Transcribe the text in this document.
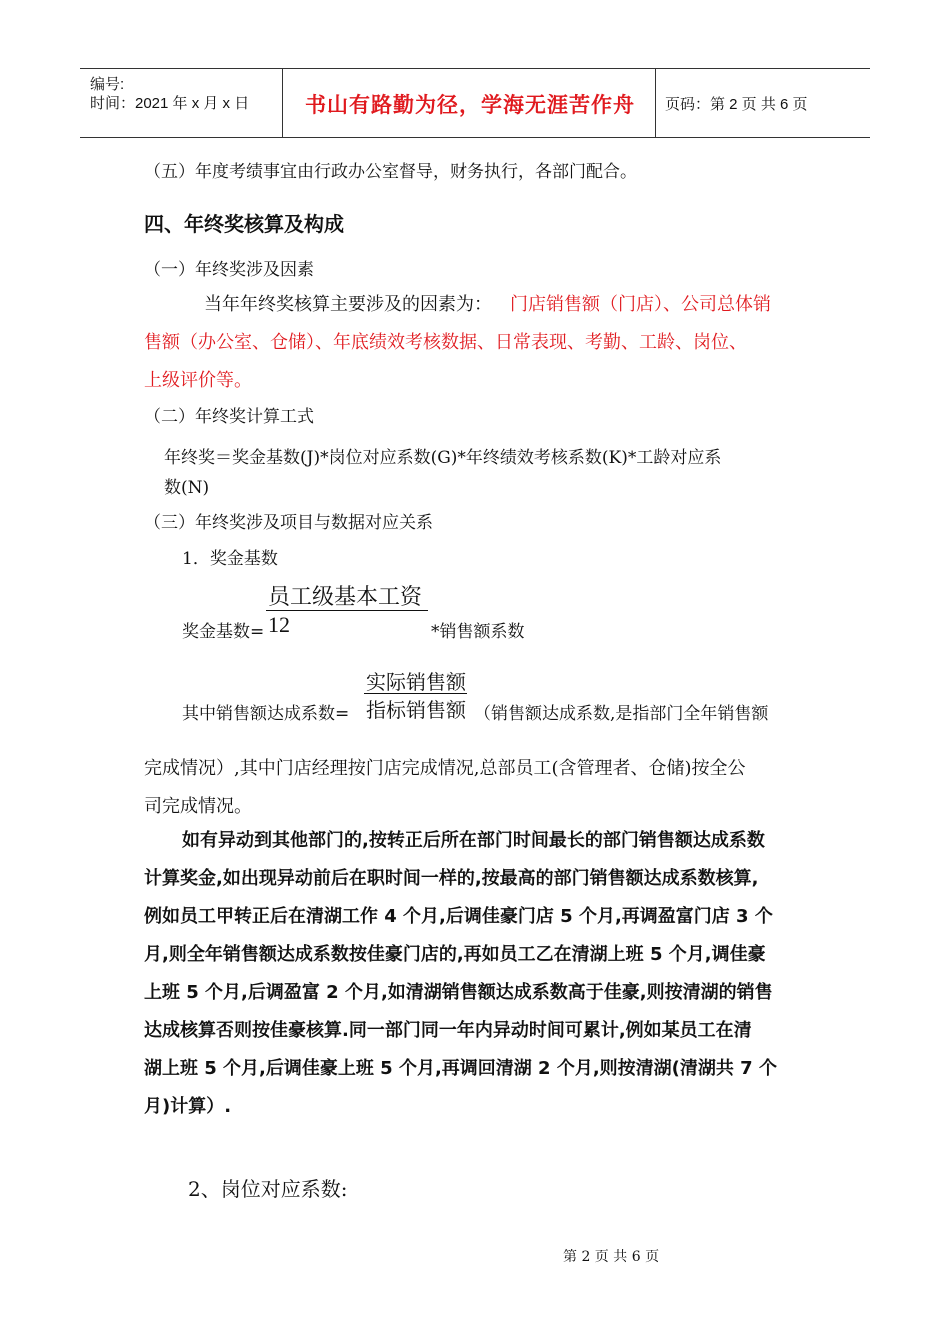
编号:
时间：2021 年 x 月 x 日	书山有路勤为径，学海无涯苦作舟 页码：第 2 页 共 6 页
（五）年度考绩事宜由行政办公室督导，财务执行，各部门配合。
四、年终奖核算及构成
（一）年终奖涉及因素
当年年终奖核算主要涉及的因素为： 门店销售额（门店）、公司总体销
售额（办公室、仓储）、年底绩效考核数据、日常表现、考勤、工龄、岗位、
上级评价等。
（二）年终奖计算工式
年终奖＝奖金基数(J)*岗位对应系数(G)*年终绩效考核系数(K)*工龄对应系
数(N)
（三）年终奖涉及项目与数据对应关系
1．奖金基数
员工级基本工资
奖金基数= 12	*销售额系数
实际销售额
其中销售额达成系数= 指标销售额 （销售额达成系数,是指部门全年销售额
完成情况）,其中门店经理按门店完成情况,总部员工(含管理者、仓储)按全公
司完成情况。
如有异动到其他部门的,按转正后所在部门时间最长的部门销售额达成系数
计算奖金,如出现异动前后在职时间一样的,按最高的部门销售额达成系数核算,
例如员工甲转正后在清湖工作 4 个月,后调佳豪门店 5 个月,再调盈富门店 3 个
月,则全年销售额达成系数按佳豪门店的,再如员工乙在清湖上班 5 个月,调佳豪
上班 5 个月,后调盈富 2 个月,如清湖销售额达成系数高于佳豪,则按清湖的销售
达成核算否则按佳豪核算.同一部门同一年内异动时间可累计,例如某员工在清
湖上班 5 个月,后调佳豪上班 5 个月,再调回清湖 2 个月,则按清湖(清湖共 7 个
月)计算）.
2、岗位对应系数:
第 2 页 共 6 页
